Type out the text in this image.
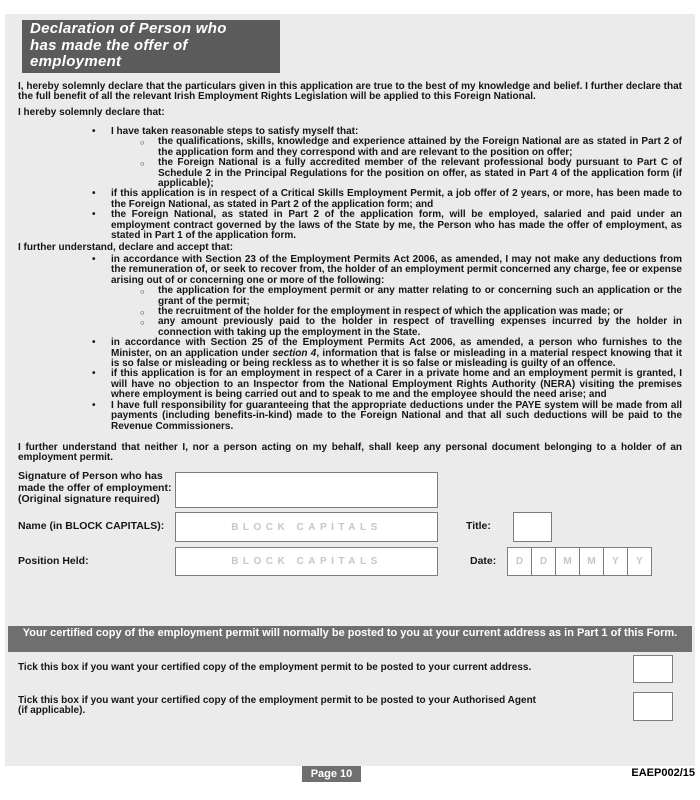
Declaration of Person who has made the offer of employment

I, hereby solemnly declare that the particulars given in this application are true to the best of my knowledge and belief. I further declare that the full benefit of all the relevant Irish Employment Rights Legislation will be applied to this Foreign National.

I hereby solemnly declare that:
• I have taken reasonable steps to satisfy myself that:
○ the qualifications, skills, knowledge and experience attained by the Foreign National are as stated in Part 2 of the application form and they correspond with and are relevant to the position on offer;
○ the Foreign National is a fully accredited member of the relevant professional body pursuant to Part C of Schedule 2 in the Principal Regulations for the position on offer, as stated in Part 4 of the application form (if applicable);
• if this application is in respect of a Critical Skills Employment Permit, a job offer of 2 years, or more, has been made to the Foreign National, as stated in Part 2 of the application form; and
• the Foreign National, as stated in Part 2 of the application form, will be employed, salaried and paid under an employment contract governed by the laws of the State by me, the Person who has made the offer of employment, as stated in Part 1 of the application form.
I further understand, declare and accept that:
• in accordance with Section 23 of the Employment Permits Act 2006, as amended, I may not make any deductions from the remuneration of, or seek to recover from, the holder of an employment permit concerned any charge, fee or expense arising out of or concerning one or more of the following:
○ the application for the employment permit or any matter relating to or concerning such an application or the grant of the permit;
○ the recruitment of the holder for the employment in respect of which the application was made; or
○ any amount previously paid to the holder in respect of travelling expenses incurred by the holder in connection with taking up the employment in the State.
• in accordance with Section 25 of the Employment Permits Act 2006, as amended, a person who furnishes to the Minister, on an application under section 4, information that is false or misleading in a material respect knowing that it is so false or misleading or being reckless as to whether it is so false or misleading is guilty of an offence.
• if this application is for an employment in respect of a Carer in a private home and an employment permit is granted, I will have no objection to an Inspector from the National Employment Rights Authority (NERA) visiting the premises where employment is being carried out and to speak to me and the employee should the need arise; and
• I have full responsibility for guaranteeing that the appropriate deductions under the PAYE system will be made from all payments (including benefits-in-kind) made to the Foreign National and that all such deductions will be paid to the Revenue Commissioners.

I further understand that neither I, nor a person acting on my behalf, shall keep any personal document belonging to a holder of an employment permit.

Signature of Person who has made the offer of employment:
(Original signature required)
Name (in BLOCK CAPITALS):	BLOCK CAPITALS	Title:
Position Held:	BLOCK CAPITALS	Date:	D	D	M	M	Y	Y
Your certified copy of the employment permit will normally be posted to you at your current address as in Part 1 of this Form.
Tick this box if you want your certified copy of the employment permit to be posted to your current address.
Tick this box if you want your certified copy of the employment permit to be posted to your Authorised Agent
(if applicable).
Page 10	EAEP002/15
